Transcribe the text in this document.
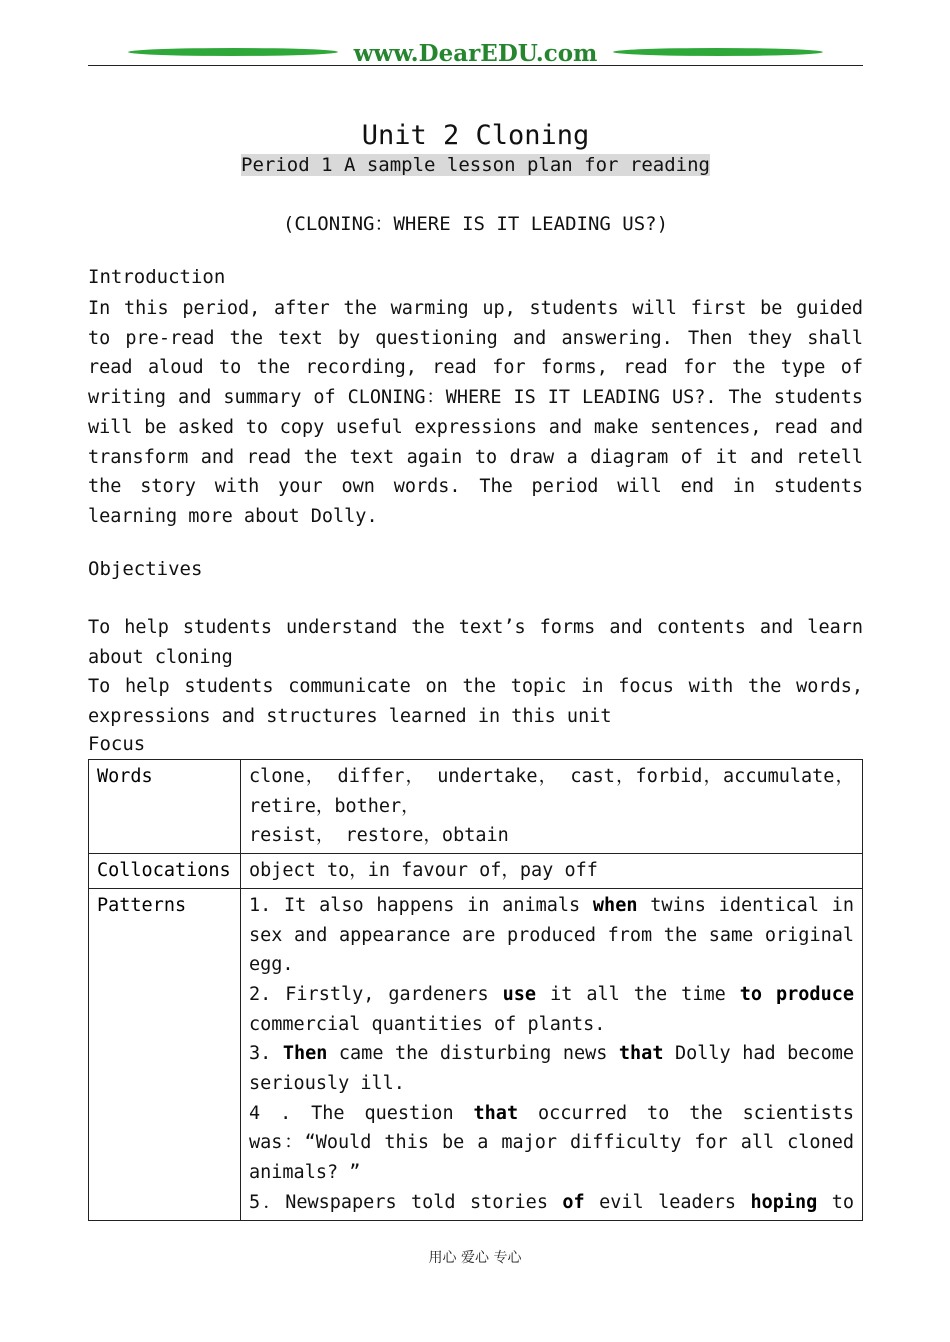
www.DearEDU.com
Unit 2 Cloning
Period 1 A sample lesson plan for reading
(CLONING：WHERE IS IT LEADING US?)
Introduction
In this period, after the warming up, students will first be guided to pre-read the text by questioning and answering. Then they shall read aloud to the recording, read for forms, read for the type of writing and summary of CLONING：WHERE IS IT LEADING US?. The students will be asked to copy useful expressions and make sentences, read and transform and read the text again to draw a diagram of it and retell the story with your own words. The period will end in students learning more about Dolly.
Objectives
To help students understand the text’s forms and contents and learn about cloning
To help students communicate on the topic in focus with the words, expressions and structures learned in this unit
Focus
Words	clone， differ， undertake， cast，forbid，accumulate，retire，bother，
resist， restore，obtain

Collocations	object to，in favour of，pay off

Patterns	1. It also happens in animals when twins identical in sex and appearance are produced from the same original egg.
2. Firstly, gardeners use it all the time to produce commercial quantities of plants.
3. Then came the disturbing news that Dolly had become seriously ill.
4 . The question that occurred to the scientists was：“Would this be a major difficulty for all cloned animals? ”
5．Newspapers told stories of evil leaders hoping to
用心 爱心 专心
